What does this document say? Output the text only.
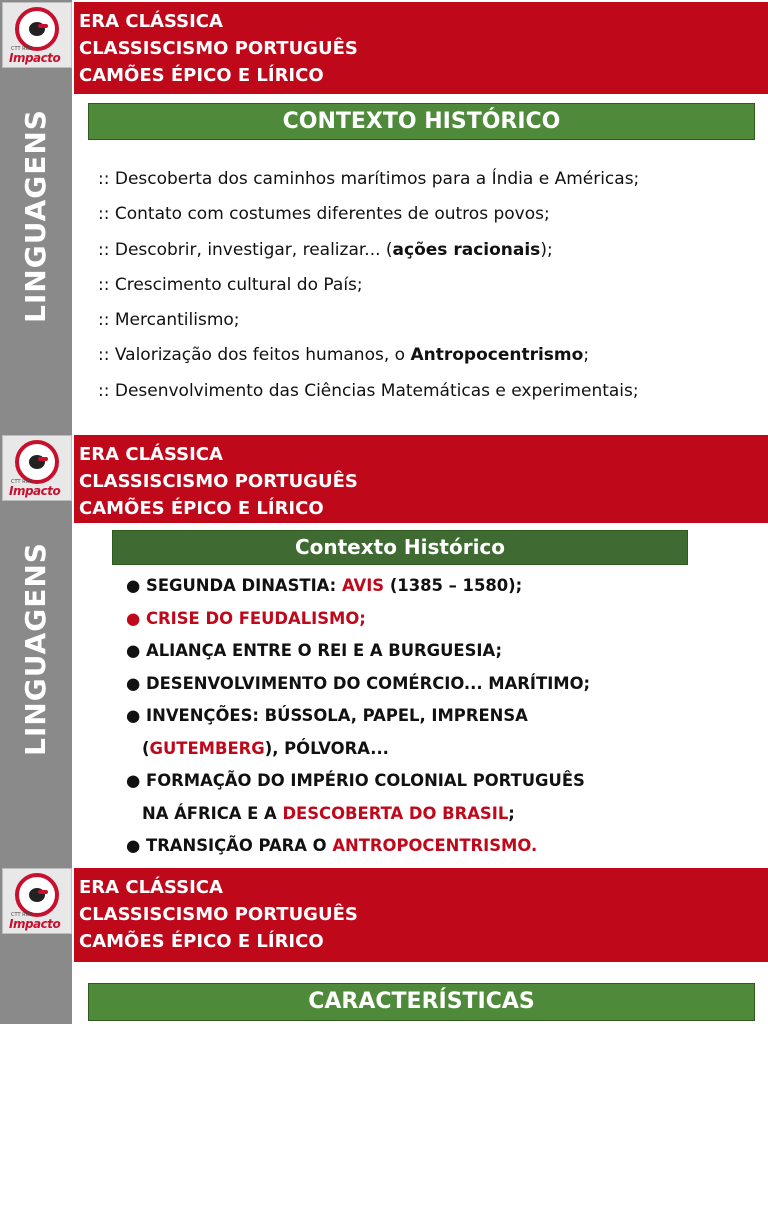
LINGUAGENS
CTT ROP
Impacto
ERA CLÁSSICA
CLASSISCISMO PORTUGUÊS
CAMÕES ÉPICO E LÍRICO
CONTEXTO HISTÓRICO
:: Descoberta dos caminhos marítimos para a Índia e Américas;
:: Contato com costumes diferentes de outros povos;
:: Descobrir, investigar, realizar... (ações racionais);
:: Crescimento cultural do País;
:: Mercantilismo;
:: Valorização dos feitos humanos, o Antropocentrismo;
:: Desenvolvimento das Ciências Matemáticas e experimentais;
LINGUAGENS
CTT ROP
Impacto
ERA CLÁSSICA
CLASSISCISMO PORTUGUÊS
CAMÕES ÉPICO E LÍRICO
Contexto Histórico
● SEGUNDA DINASTIA: AVIS (1385 – 1580);
● CRISE DO FEUDALISMO;
● ALIANÇA ENTRE O REI E A BURGUESIA;
● DESENVOLVIMENTO DO COMÉRCIO... MARÍTIMO;
● INVENÇÕES: BÚSSOLA, PAPEL, IMPRENSA
(GUTEMBERG), PÓLVORA...
● FORMAÇÃO DO IMPÉRIO COLONIAL PORTUGUÊS
NA ÁFRICA E A DESCOBERTA DO BRASIL;
● TRANSIÇÃO PARA O ANTROPOCENTRISMO.
NS
CTT ROP
Impacto
ERA CLÁSSICA
CLASSISCISMO PORTUGUÊS
CAMÕES ÉPICO E LÍRICO
CARACTERÍSTICAS
